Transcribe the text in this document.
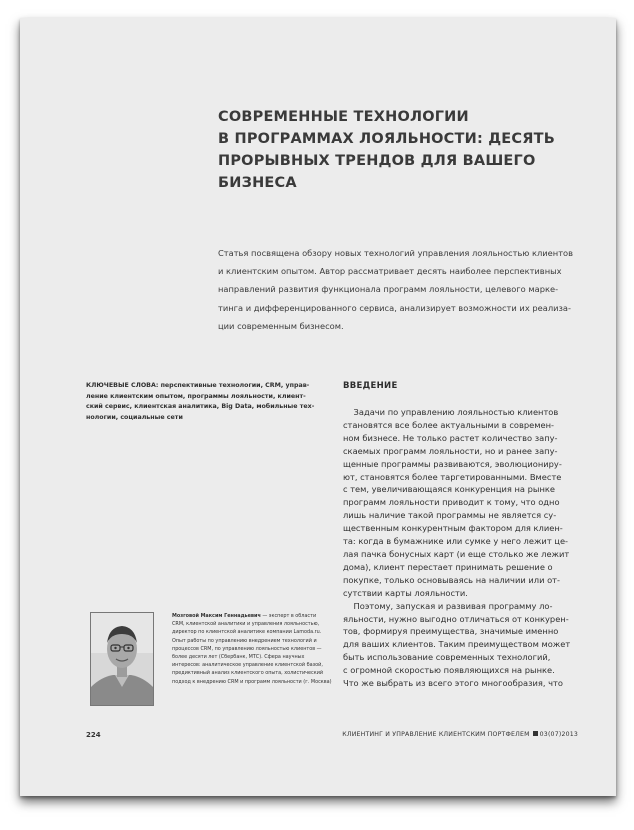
СОВРЕМЕННЫЕ ТЕХНОЛОГИИ
В ПРОГРАММАХ ЛОЯЛЬНОСТИ: ДЕСЯТЬ
ПРОРЫВНЫХ ТРЕНДОВ ДЛЯ ВАШЕГО
БИЗНЕСА
Статья посвящена обзору новых технологий управления лояльностью клиентов
и клиентским опытом. Автор рассматривает десять наиболее перспективных
направлений развития функционала программ лояльности, целевого марке-
тинга и дифференцированного сервиса, анализирует возможности их реализа-
ции современным бизнесом.
КЛЮЧЕВЫЕ СЛОВА: перспективные технологии, CRM, управ-
ление клиентским опытом, программы лояльности, клиент-
ский сервис, клиентская аналитика, Big Data, мобильные тех-
нологии, социальные сети
ВВЕДЕНИЕ
Задачи по управлению лояльностью клиентов
становятся все более актуальными в современ-
ном бизнесе. Не только растет количество запу-
скаемых программ лояльности, но и ранее запу-
щенные программы развиваются, эволюциониру-
ют, становятся более таргетированными. Вместе
с тем, увеличивающаяся конкуренция на рынке
программ лояльности приводит к тому, что одно
лишь наличие такой программы не является су-
щественным конкурентным фактором для клиен-
та: когда в бумажнике или сумке у него лежит це-
лая пачка бонусных карт (и еще столько же лежит
дома), клиент перестает принимать решение о
покупке, только основываясь на наличии или от-
сутствии карты лояльности.
Поэтому, запуская и развивая программу ло-
яльности, нужно выгодно отличаться от конкурен-
тов, формируя преимущества, значимые именно
для ваших клиентов. Таким преимуществом может
быть использование современных технологий,
с огромной скоростью появляющихся на рынке.
Что же выбрать из всего этого многообразия, что
Мозговой Максим Геннадьевич — эксперт в области
CRM, клиентской аналитики и управления лояльностью,
директор по клиентской аналитике компании Lamoda.ru.
Опыт работы по управлению внедрением технологий и
процессов CRM, по управлению лояльностью клиентов —
более десяти лет (Сбербанк, МТС). Сфера научных
интересов: аналитическое управление клиентской базой,
предиктивный анализ клиентского опыта, холистический
подход к внедрению CRM и программ лояльности (г. Москва)
224	КЛИЕНТИНГ И УПРАВЛЕНИЕ КЛИЕНТСКИМ ПОРТФЕЛЕМ 03(07)2013
